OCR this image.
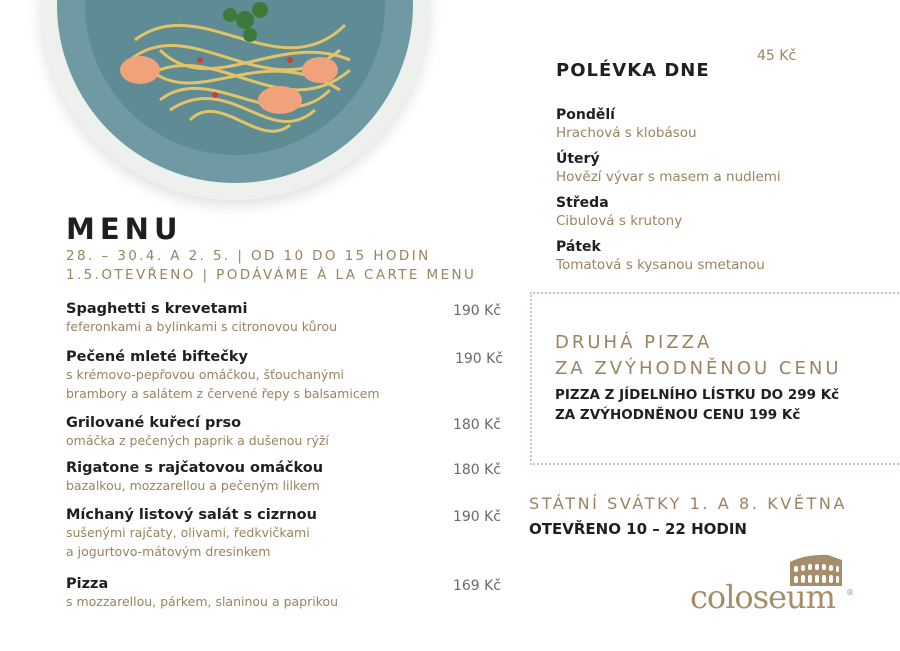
MENU
28. – 30.4. A 2. 5. | OD 10 DO 15 HODIN
1.5.OTEVŘENO | PODÁVÁME À LA CARTE MENU
Spaghetti s krevetami
feferonkami a bylinkami s citronovou kůrou
190 Kč
Pečené mleté biftečky
s krémovo-pepřovou omáčkou, šťouchanými
brambory a salátem z červené řepy s balsamicem
190 Kč
Grilované kuřecí prso
omáčka z pečených paprik a dušenou rýží
180 Kč
Rigatone s rajčatovou omáčkou
bazalkou, mozzarellou a pečeným lilkem
180 Kč
Míchaný listový salát s cizrnou
sušenými rajčaty, olivami, ředkvičkami
a jogurtovo-mátovým dresinkem
190 Kč
Pizza
s mozzarellou, párkem, slaninou a paprikou
169 Kč
POLÉVKA DNE
45 Kč
Pondělí
Hrachová s klobásou
Úterý
Hovězí vývar s masem a nudlemi
Středa
Cibulová s krutony
Pátek
Tomatová s kysanou smetanou
DRUHÁ PIZZA
ZA ZVÝHODNĚNOU CENU
PIZZA Z JÍDELNÍHO LÍSTKU DO 299 Kč
ZA ZVÝHODNĚNOU CENU 199 Kč
STÁTNÍ SVÁTKY 1. A 8. KVĚTNA
OTEVŘENO 10 – 22 HODIN
coloseum ®
